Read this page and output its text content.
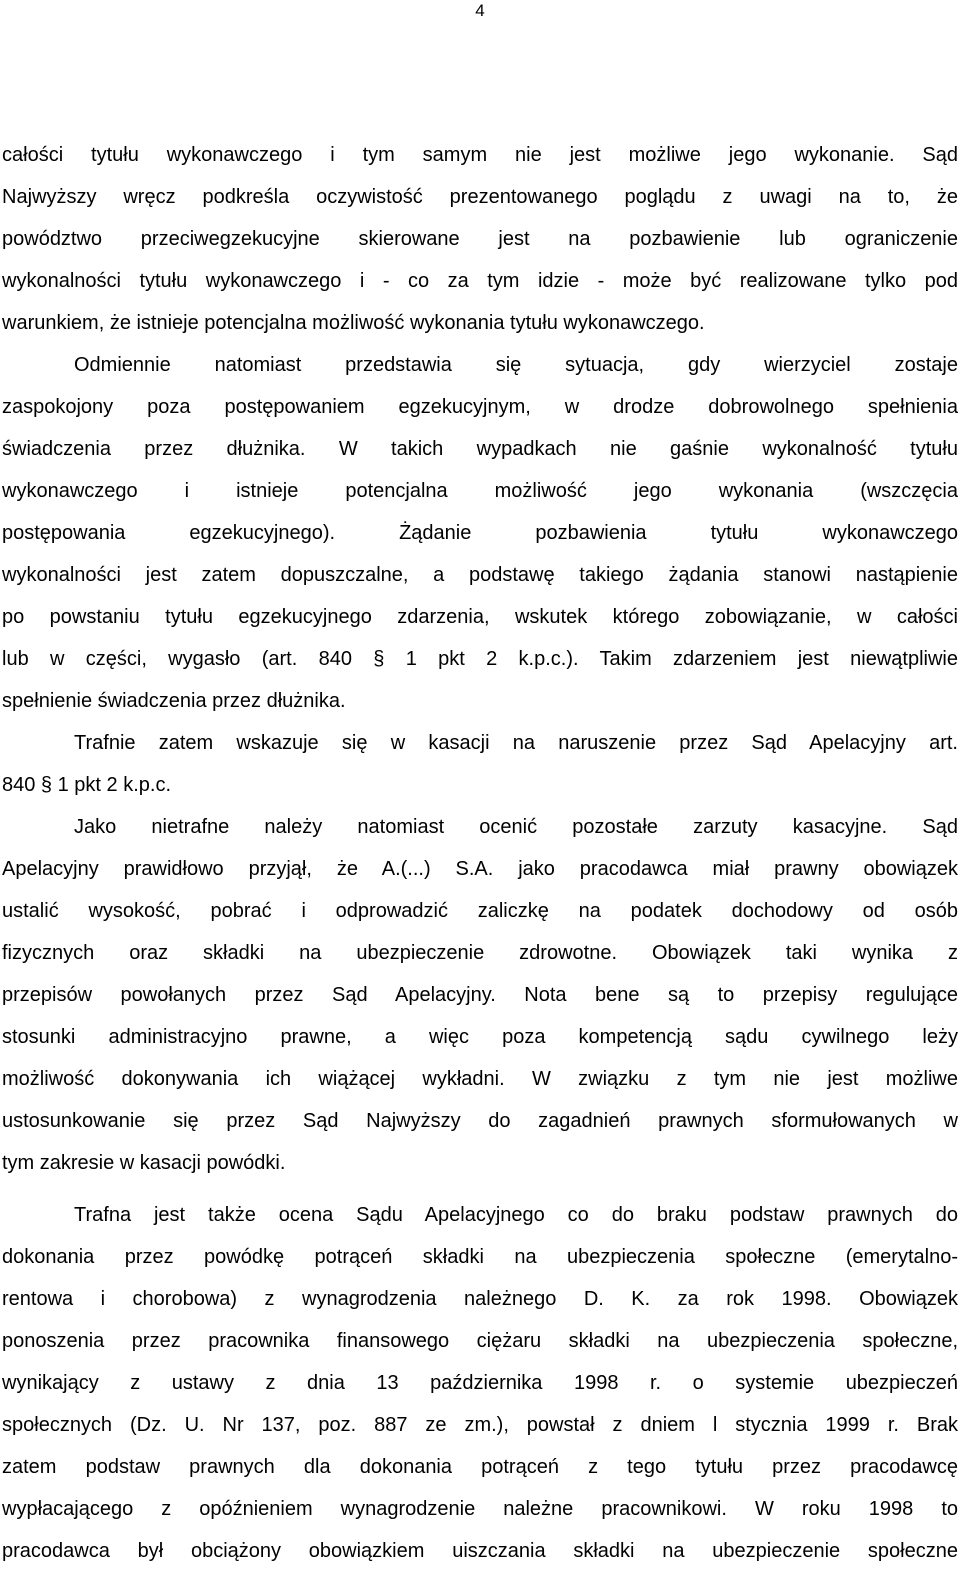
4
całości tytułu wykonawczego i tym samym nie jest możliwe jego wykonanie. Sąd
Najwyższy wręcz podkreśla oczywistość prezentowanego poglądu z uwagi na to, że
powództwo przeciwegzekucyjne skierowane jest na pozbawienie lub ograniczenie
wykonalności tytułu wykonawczego i - co za tym idzie - może być realizowane tylko pod
warunkiem, że istnieje potencjalna możliwość wykonania tytułu wykonawczego.
Odmiennie natomiast przedstawia się sytuacja, gdy wierzyciel zostaje
zaspokojony poza postępowaniem egzekucyjnym, w drodze dobrowolnego spełnienia
świadczenia przez dłużnika. W takich wypadkach nie gaśnie wykonalność tytułu
wykonawczego i istnieje potencjalna możliwość jego wykonania (wszczęcia
postępowania egzekucyjnego). Żądanie pozbawienia tytułu wykonawczego
wykonalności jest zatem dopuszczalne, a podstawę takiego żądania stanowi nastąpienie
po powstaniu tytułu egzekucyjnego zdarzenia, wskutek którego zobowiązanie, w całości
lub w części, wygasło (art. 840 § 1 pkt 2 k.p.c.). Takim zdarzeniem jest niewątpliwie
spełnienie świadczenia przez dłużnika.
Trafnie zatem wskazuje się w kasacji na naruszenie przez Sąd Apelacyjny art.
840 § 1 pkt 2 k.p.c.
Jako nietrafne należy natomiast ocenić pozostałe zarzuty kasacyjne. Sąd
Apelacyjny prawidłowo przyjął, że A.(...) S.A. jako pracodawca miał prawny obowiązek
ustalić wysokość, pobrać i odprowadzić zaliczkę na podatek dochodowy od osób
fizycznych oraz składki na ubezpieczenie zdrowotne. Obowiązek taki wynika z
przepisów powołanych przez Sąd Apelacyjny. Nota bene są to przepisy regulujące
stosunki administracyjno prawne, a więc poza kompetencją sądu cywilnego leży
możliwość dokonywania ich wiążącej wykładni. W związku z tym nie jest możliwe
ustosunkowanie się przez Sąd Najwyższy do zagadnień prawnych sformułowanych w
tym zakresie w kasacji powódki.
Trafna jest także ocena Sądu Apelacyjnego co do braku podstaw prawnych do
dokonania przez powódkę potrąceń składki na ubezpieczenia społeczne (emerytalno-
rentowa i chorobowa) z wynagrodzenia należnego D. K. za rok 1998. Obowiązek
ponoszenia przez pracownika finansowego ciężaru składki na ubezpieczenia społeczne,
wynikający z ustawy z dnia 13 października 1998 r. o systemie ubezpieczeń
społecznych (Dz. U. Nr 137, poz. 887 ze zm.), powstał z dniem l stycznia 1999 r. Brak
zatem podstaw prawnych dla dokonania potrąceń z tego tytułu przez pracodawcę
wypłacającego z opóźnieniem wynagrodzenie należne pracownikowi. W roku 1998 to
pracodawca był obciążony obowiązkiem uiszczania składki na ubezpieczenie społeczne
